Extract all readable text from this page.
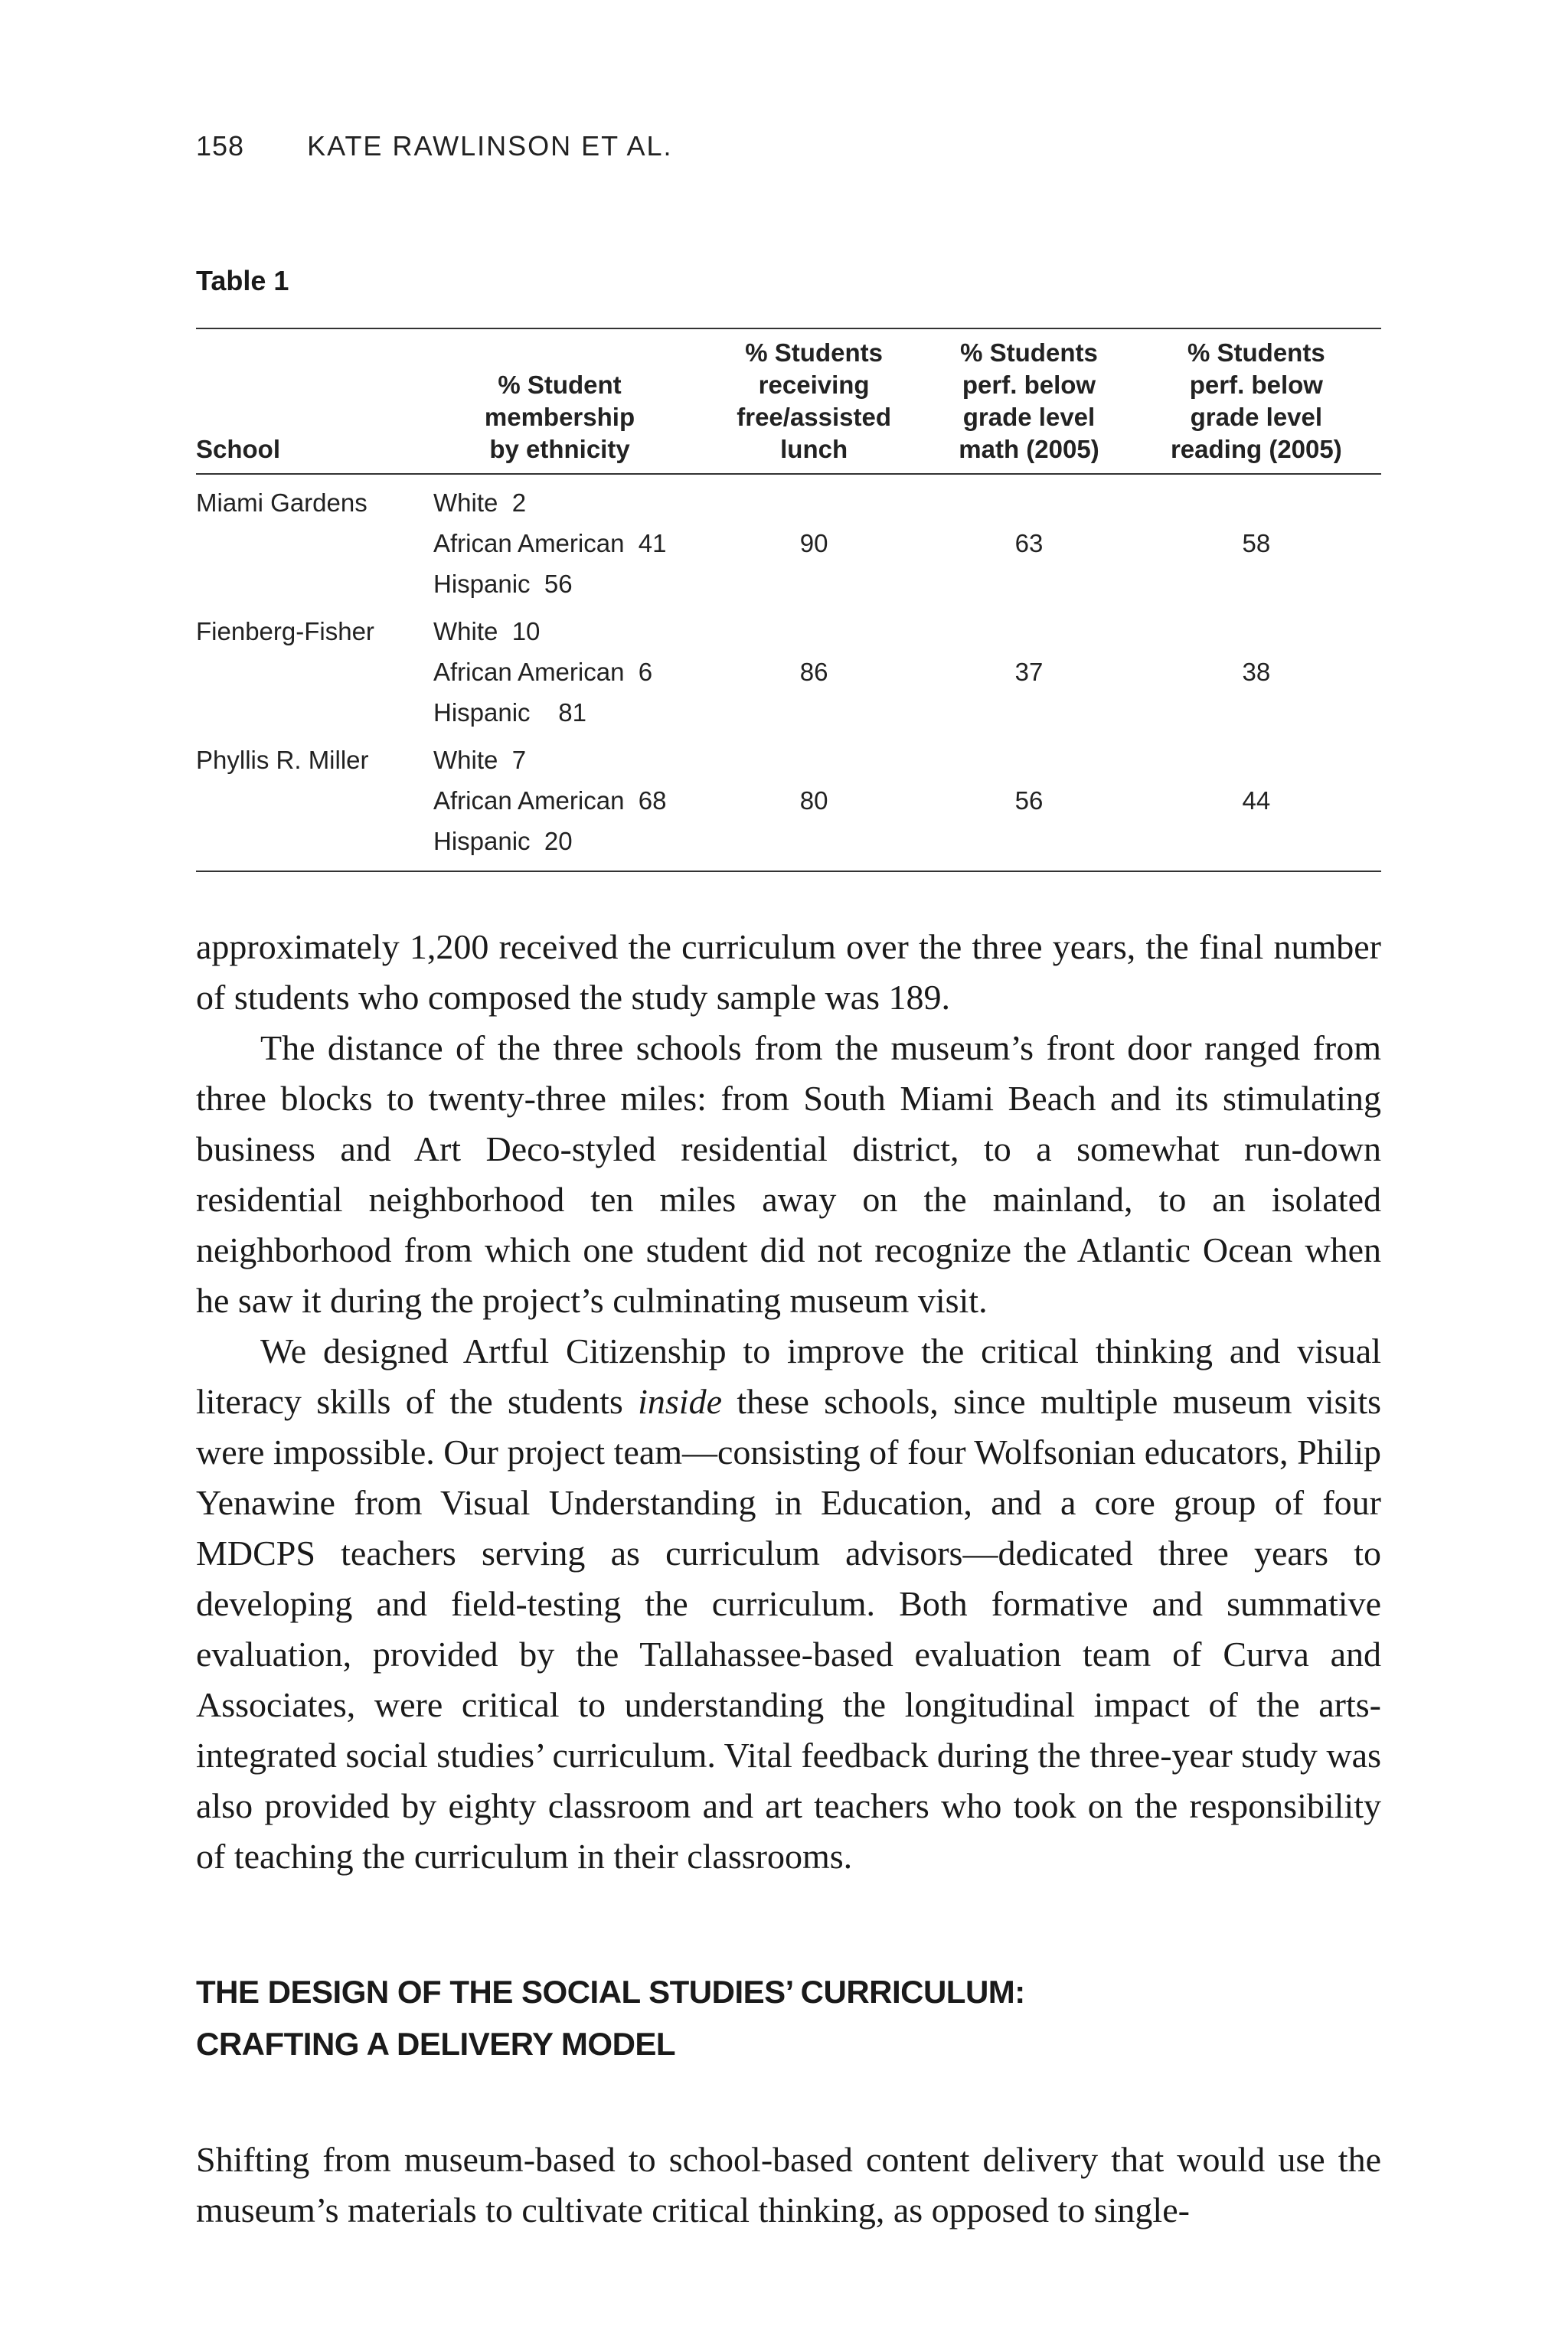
158 KATE RAWLINSON ET AL.
Table 1
School	% Student
membership
by ethnicity	% Students
receiving
free/assisted
lunch	% Students
perf. below
grade level
math (2005)	% Students
perf. below
grade level
reading (2005)

Miami Gardens	White  2
African American  41
Hispanic  56	90	63	58
Fienberg-Fisher	White  10
African American  6
Hispanic    81	86	37	38
Phyllis R. Miller	White  7
African American  68
Hispanic  20	80	56	44

approximately 1,200 received the curriculum over the three years, the final number of students who composed the study sample was 189.

The distance of the three schools from the museum’s front door ranged from three blocks to twenty-three miles: from South Miami Beach and its stimulating business and Art Deco-styled residential district, to a somewhat run-down residential neighborhood ten miles away on the mainland, to an isolated neighborhood from which one student did not recognize the Atlantic Ocean when he saw it during the project’s culminating museum visit.

We designed Artful Citizenship to improve the critical thinking and visual literacy skills of the students inside these schools, since multiple museum visits were impossible. Our project team—consisting of four Wolfsonian educators, Philip Yenawine from Visual Understanding in Education, and a core group of four MDCPS teachers serving as curriculum advisors—dedicated three years to developing and field-testing the curriculum. Both formative and summative evaluation, provided by the Tallahassee-based evaluation team of Curva and Associates, were critical to understanding the longitudinal impact of the arts-integrated social studies’ curriculum. Vital feedback during the three-year study was also provided by eighty classroom and art teachers who took on the responsibility of teaching the curriculum in their classrooms.

THE DESIGN OF THE SOCIAL STUDIES’ CURRICULUM:
CRAFTING A DELIVERY MODEL

Shifting from museum-based to school-based content delivery that would use the museum’s materials to cultivate critical thinking, as opposed to single-
